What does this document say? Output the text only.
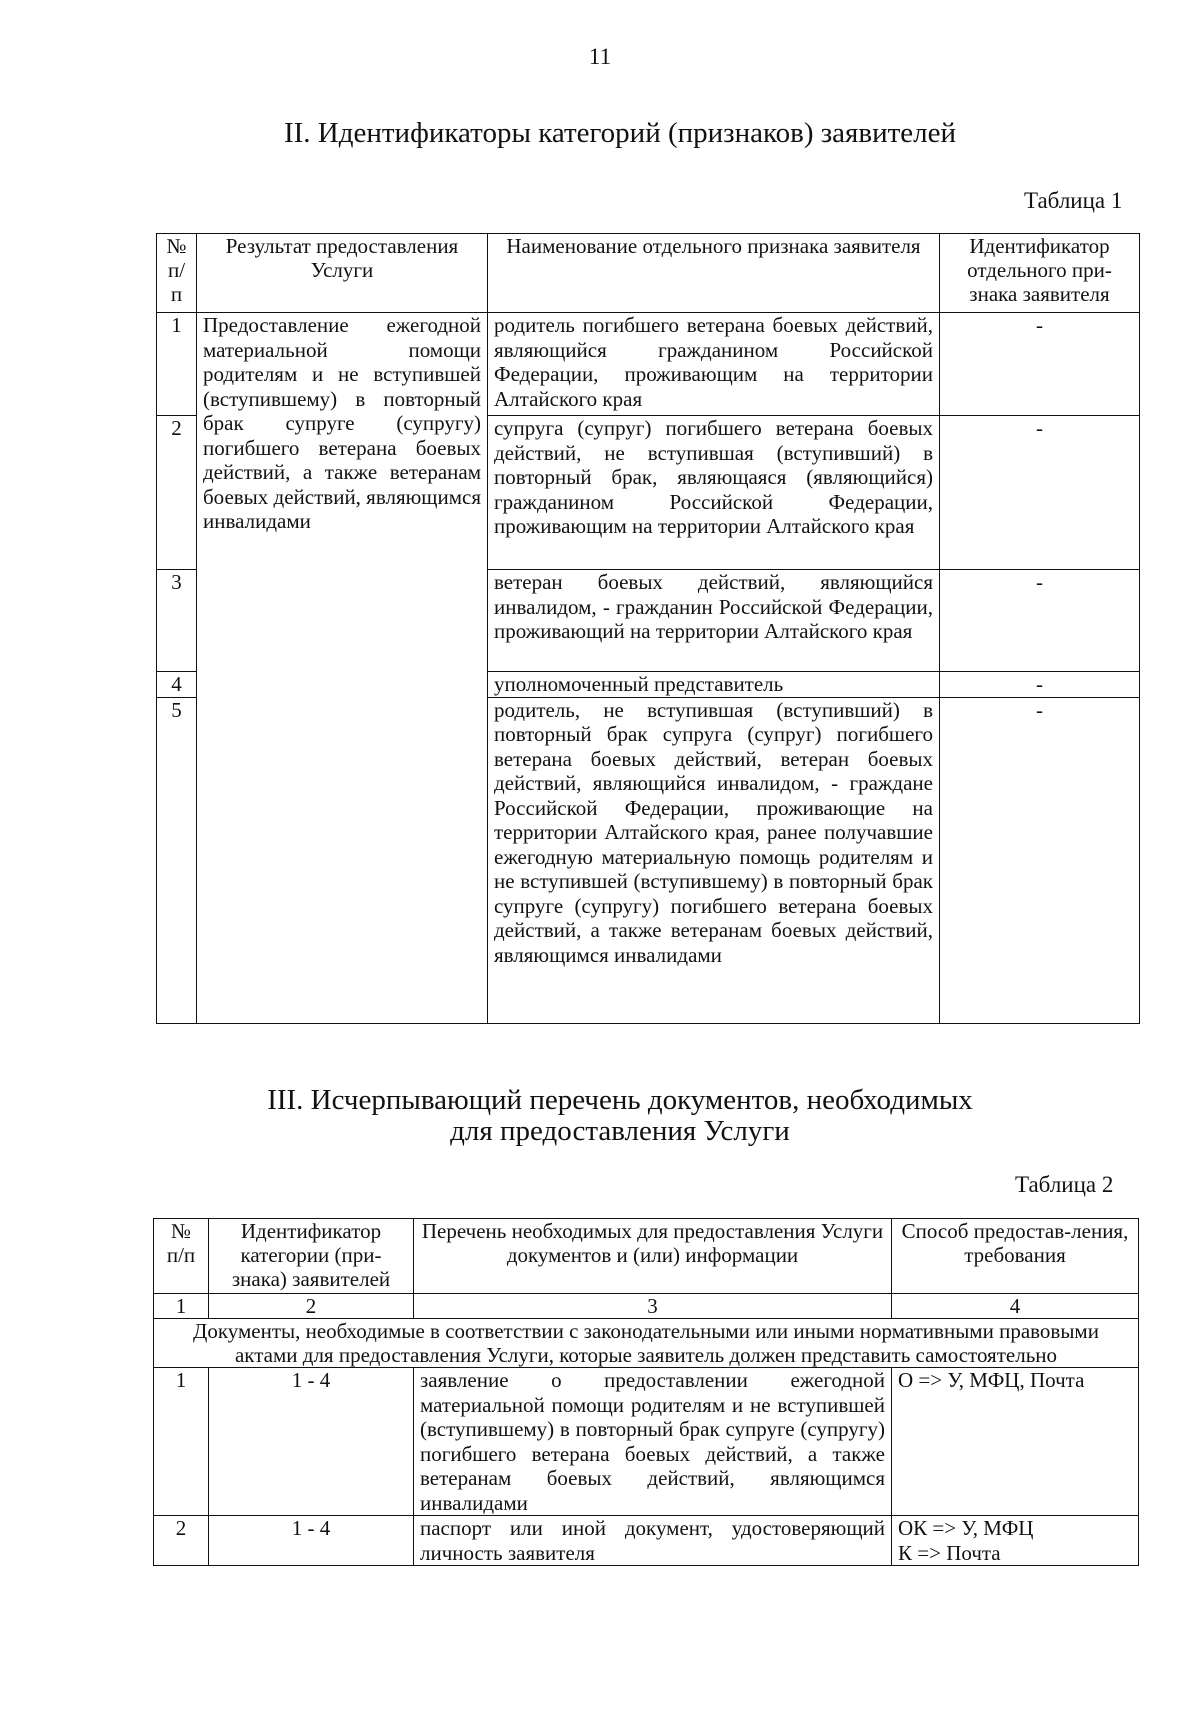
11
II. Идентификаторы категорий (признаков) заявителей
Таблица 1
№ п/п	Результат предоставления Услуги	Наименование отдельного признака заявителя	Идентификатор отдельного при-знака заявителя
1	Предоставление ежегодной материальной помощи родителям и не вступившей (вступившему) в повторный брак супруге (супругу) погибшего ветерана боевых действий, а также ветеранам боевых действий, являющимся инвалидами	родитель погибшего ветерана боевых действий, являющийся гражданином Российской Федерации, проживающим на территории Алтайского края	-
2		супруга (супруг) погибшего ветерана боевых действий, не вступившая (вступивший) в повторный брак, являющаяся (являющийся) гражданином Российской Федерации, проживающим на территории Алтайского края	-
3		ветеран боевых действий, являющийся инвалидом, - гражданин Российской Федерации, проживающий на территории Алтайского края	-
4		уполномоченный представитель	-
5		родитель, не вступившая (вступивший) в повторный брак супруга (супруг) погибшего ветерана боевых действий, ветеран боевых действий, являющийся инвалидом, - граждане Российской Федерации, проживающие на территории Алтайского края, ранее получавшие ежегодную материальную помощь родителям и не вступившей (вступившему) в повторный брак супруге (супругу) погибшего ветерана боевых действий, а также ветеранам боевых действий, являющимся инвалидами	-
III. Исчерпывающий перечень документов, необходимых
для предоставления Услуги
Таблица 2
№ п/п	Идентификатор категории (при-знака) заявителей	Перечень необходимых для предоставления Услуги документов и (или) информации	Способ предостав-ления, требования
1	2	3	4
Документы, необходимые в соответствии с законодательными или иными нормативными правовыми актами для предоставления Услуги, которые заявитель должен представить самостоятельно			
1	1 - 4	заявление о предоставлении ежегодной материальной помощи родителям и не вступившей (вступившему) в повторный брак супруге (супругу) погибшего ветерана боевых действий, а также ветеранам боевых действий, являющимся инвалидами	О => У, МФЦ, Почта

2	1 - 4	паспорт или иной документ, удостоверяющий личность заявителя	ОК => У, МФЦ
К => Почта
